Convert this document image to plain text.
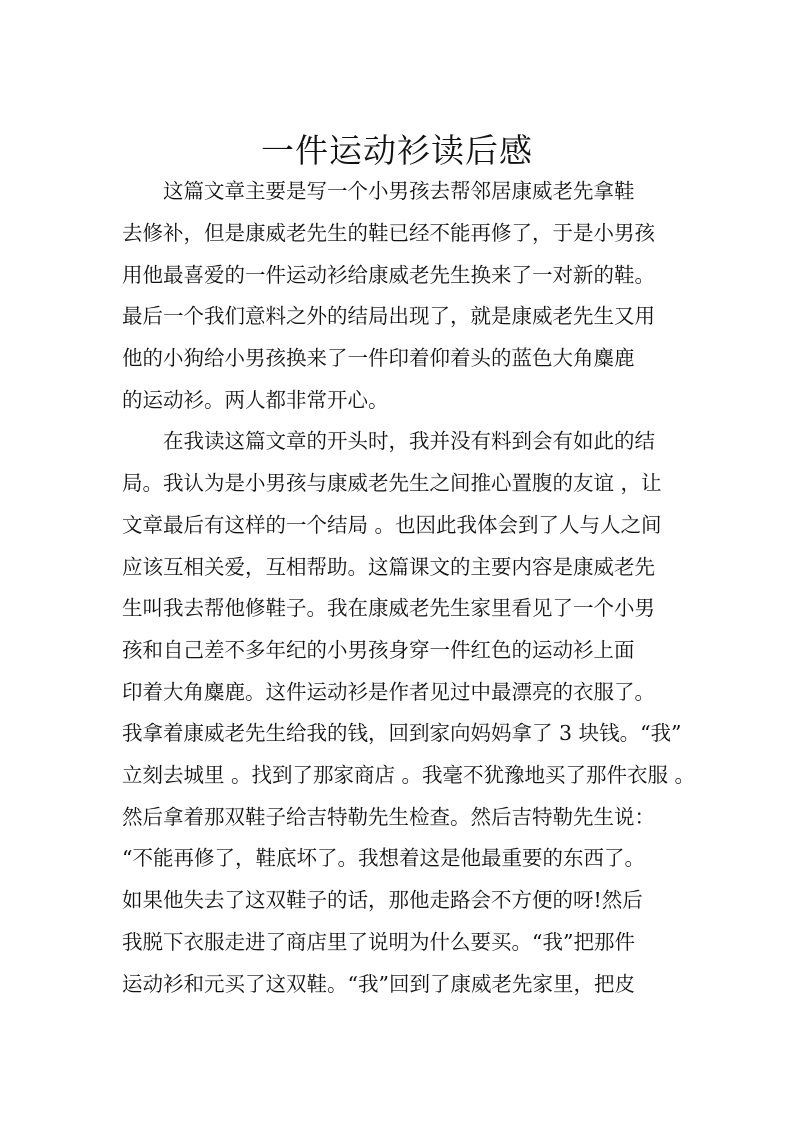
一件运动衫读后感
　　这篇文章主要是写一个小男孩去帮邻居康威老先拿鞋
去修补，但是康威老先生的鞋已经不能再修了，于是小男孩
用他最喜爱的一件运动衫给康威老先生换来了一对新的鞋。
最后一个我们意料之外的结局出现了，就是康威老先生又用
他的小狗给小男孩换来了一件印着仰着头的蓝色大角麋鹿
的运动衫。两人都非常开心。
　　在我读这篇文章的开头时，我并没有料到会有如此的结
局。我认为是小男孩与康威老先生之间推心置腹的友谊 ，让
文章最后有这样的一个结局 。也因此我体会到了人与人之间
应该互相关爱，互相帮助。这篇课文的主要内容是康威老先
生叫我去帮他修鞋子。我在康威老先生家里看见了一个小男
孩和自己差不多年纪的小男孩身穿一件红色的运动衫上面
印着大角麋鹿。这件运动衫是作者见过中最漂亮的衣服了。
我拿着康威老先生给我的钱，回到家向妈妈拿了 3 块钱。“我”
立刻去城里 。找到了那家商店 。我毫不犹豫地买了那件衣服 。
然后拿着那双鞋子给吉特勒先生检查。然后吉特勒先生说：
“不能再修了，鞋底坏了。我想着这是他最重要的东西了。
如果他失去了这双鞋子的话，那他走路会不方便的呀!然后
我脱下衣服走进了商店里了说明为什么要买。“我”把那件
运动衫和元买了这双鞋。“我”回到了康威老先家里，把皮
